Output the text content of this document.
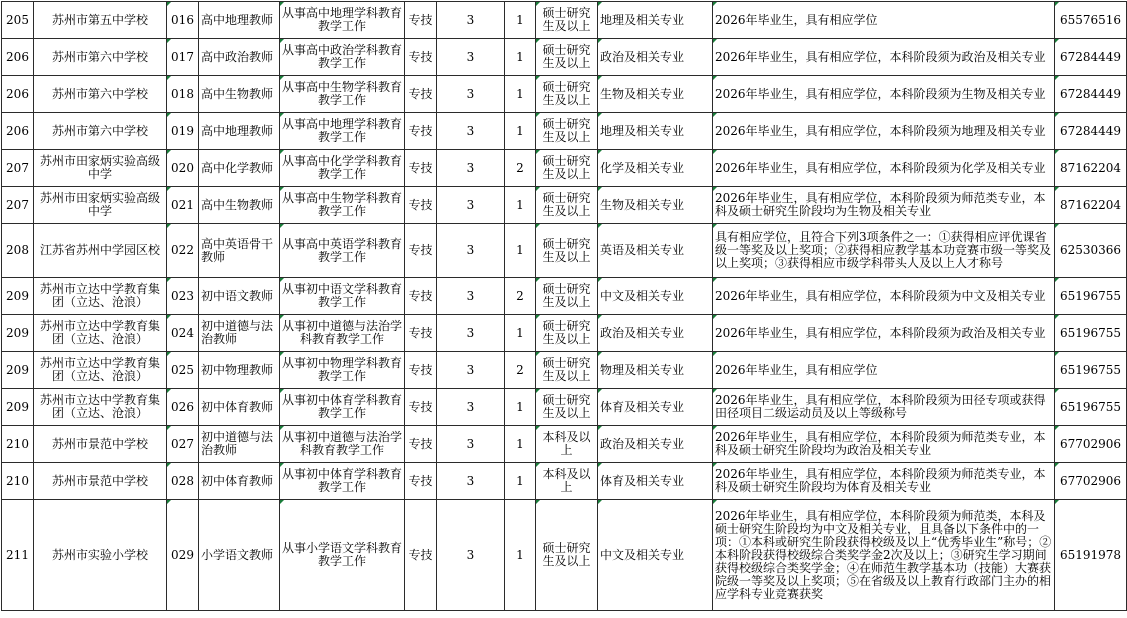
205	苏州市第五中学校	016	高中地理教师	从事高中地理学科教育教学工作	专技	3	1	硕士研究生及以上	地理及相关专业	2026年毕业生，具有相应学位	65576516
206	苏州市第六中学校	017	高中政治教师	从事高中政治学科教育教学工作	专技	3	1	硕士研究生及以上	政治及相关专业	2026年毕业生，具有相应学位，本科阶段须为政治及相关专业	67284449
206	苏州市第六中学校	018	高中生物教师	从事高中生物学科教育教学工作	专技	3	1	硕士研究生及以上	生物及相关专业	2026年毕业生，具有相应学位，本科阶段须为生物及相关专业	67284449
206	苏州市第六中学校	019	高中地理教师	从事高中地理学科教育教学工作	专技	3	1	硕士研究生及以上	地理及相关专业	2026年毕业生，具有相应学位，本科阶段须为地理及相关专业	67284449
207	苏州市田家炳实验高级中学	020	高中化学教师	从事高中化学学科教育教学工作	专技	3	2	硕士研究生及以上	化学及相关专业	2026年毕业生，具有相应学位，本科阶段须为化学及相关专业	87162204
207	苏州市田家炳实验高级中学	021	高中生物教师	从事高中生物学科教育教学工作	专技	3	1	硕士研究生及以上	生物及相关专业	2026年毕业生，具有相应学位，本科阶段须为师范类专业，本科及硕士研究生阶段均为生物及相关专业	87162204
208	江苏省苏州中学园区校	022	高中英语骨干教师	从事高中英语学科教育教学工作	专技	3	1	硕士研究生及以上	英语及相关专业	具有相应学位，且符合下列3项条件之一：①获得相应评优课省级一等奖及以上奖项；②获得相应教学基本功竞赛市级一等奖及以上奖项；③获得相应市级学科带头人及以上人才称号	62530366
209	苏州市立达中学教育集团（立达、沧浪）	023	初中语文教师	从事初中语文学科教育教学工作	专技	3	2	硕士研究生及以上	中文及相关专业	2026年毕业生，具有相应学位，本科阶段须为中文及相关专业	65196755
209	苏州市立达中学教育集团（立达、沧浪）	024	初中道德与法治教师	从事初中道德与法治学科教育教学工作	专技	3	1	硕士研究生及以上	政治及相关专业	2026年毕业生，具有相应学位，本科阶段须为政治及相关专业	65196755
209	苏州市立达中学教育集团（立达、沧浪）	025	初中物理教师	从事初中物理学科教育教学工作	专技	3	2	硕士研究生及以上	物理及相关专业	2026年毕业生，具有相应学位	65196755
209	苏州市立达中学教育集团（立达、沧浪）	026	初中体育教师	从事初中体育学科教育教学工作	专技	3	1	硕士研究生及以上	体育及相关专业	2026年毕业生，具有相应学位，本科阶段须为田径专项或获得田径项目二级运动员及以上等级称号	65196755
210	苏州市景范中学校	027	初中道德与法治教师	从事初中道德与法治学科教育教学工作	专技	3	1	本科及以上	政治及相关专业	2026年毕业生，具有相应学位，本科阶段须为师范类专业，本科及硕士研究生阶段均为政治及相关专业	67702906
210	苏州市景范中学校	028	初中体育教师	从事初中体育学科教育教学工作	专技	3	1	本科及以上	体育及相关专业	2026年毕业生，具有相应学位，本科阶段须为师范类专业，本科及硕士研究生阶段均为体育及相关专业	67702906
211	苏州市实验小学校	029	小学语文教师	从事小学语文学科教育教学工作	专技	3	1	硕士研究生及以上	中文及相关专业	2026年毕业生，具有相应学位，本科阶段须为师范类，本科及硕士研究生阶段均为中文及相关专业，且具备以下条件中的一项：①本科或研究生阶段获得校级及以上“优秀毕业生”称号；②本科阶段获得校级综合类奖学金2次及以上；③研究生学习期间获得校级综合类奖学金；④在师范生教学基本功（技能）大赛获院级一等奖及以上奖项；⑤在省级及以上教育行政部门主办的相应学科专业竞赛获奖	65191978
